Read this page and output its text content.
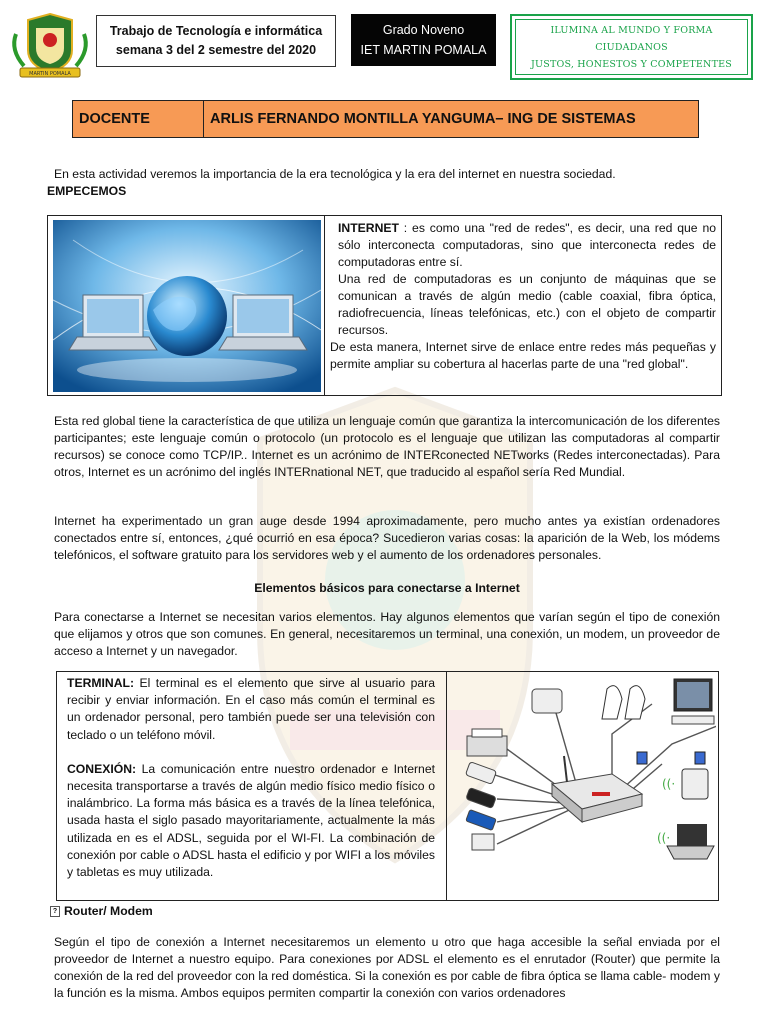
MARTIN POMALA
Trabajo de Tecnología e informática
semana 3 del 2 semestre del 2020
Grado Noveno
IET MARTIN POMALA
ILUMINA AL MUNDO Y FORMA CIUDADANOS
JUSTOS, HONESTOS Y COMPETENTES
DOCENTE	ARLIS FERNANDO MONTILLA YANGUMA– ING DE SISTEMAS
En esta actividad veremos la importancia de la era tecnológica y la era del internet en nuestra sociedad.
EMPECEMOS
INTERNET : es como una "red de redes", es decir, una red que no sólo interconecta computadoras, sino que interconecta redes de computadoras entre sí.
Una red de computadoras es un conjunto de máquinas que se comunican a través de algún medio (cable coaxial, fibra óptica, radiofrecuencia, líneas telefónicas, etc.) con el objeto de compartir recursos.
De esta manera, Internet sirve de enlace entre redes más pequeñas y permite ampliar su cobertura al hacerlas parte de una "red global".
Esta red global tiene la característica de que utiliza un lenguaje común que garantiza la intercomunicación de los diferentes participantes; este lenguaje común o protocolo (un protocolo es el lenguaje que utilizan las computadoras al compartir recursos) se conoce como TCP/IP.. Internet es un acrónimo de INTERconected NETworks (Redes interconectadas). Para otros, Internet es un acrónimo del inglés INTERnational NET, que traducido al español sería Red Mundial.
Internet ha experimentado un gran auge desde 1994 aproximadamente, pero mucho antes ya existían ordenadores conectados entre sí, entonces, ¿qué ocurrió en esa época? Sucedieron varias cosas: la aparición de la Web, los módems telefónicos, el software gratuito para los servidores web y el aumento de los ordenadores personales.
Elementos básicos para conectarse a Internet
Para conectarse a Internet se necesitan varios elementos. Hay algunos elementos que varían según el tipo de conexión que elijamos y otros que son comunes. En general, necesitaremos un terminal, una conexión, un modem, un proveedor de acceso a Internet y un navegador.

TERMINAL: El terminal es el elemento que sirve al usuario para recibir y enviar información. En el caso más común el terminal es un ordenador personal, pero también puede ser una televisión con teclado o un teléfono móvil.

CONEXIÓN: La comunicación entre nuestro ordenador e Internet necesita transportarse a través de algún medio físico medio físico o inalámbrico. La forma más básica es a través de la línea telefónica, usada hasta el siglo pasado mayoritariamente, actualmente la más utilizada en es el ADSL, seguida por el WI-FI. La combinación de conexión por cable o ADSL hasta el edificio y por WIFI a los móviles y tabletas es muy utilizada.

((·
((·
? Router/ Modem
Según el tipo de conexión a Internet necesitaremos un elemento u otro que haga accesible la señal enviada por el proveedor de Internet a nuestro equipo. Para conexiones por ADSL el elemento es el enrutador (Router) que permite la conexión de la red del proveedor con la red doméstica. Si la conexión es por cable de fibra óptica se llama cable- modem y la función es la misma. Ambos equipos permiten compartir la conexión con varios ordenadores
